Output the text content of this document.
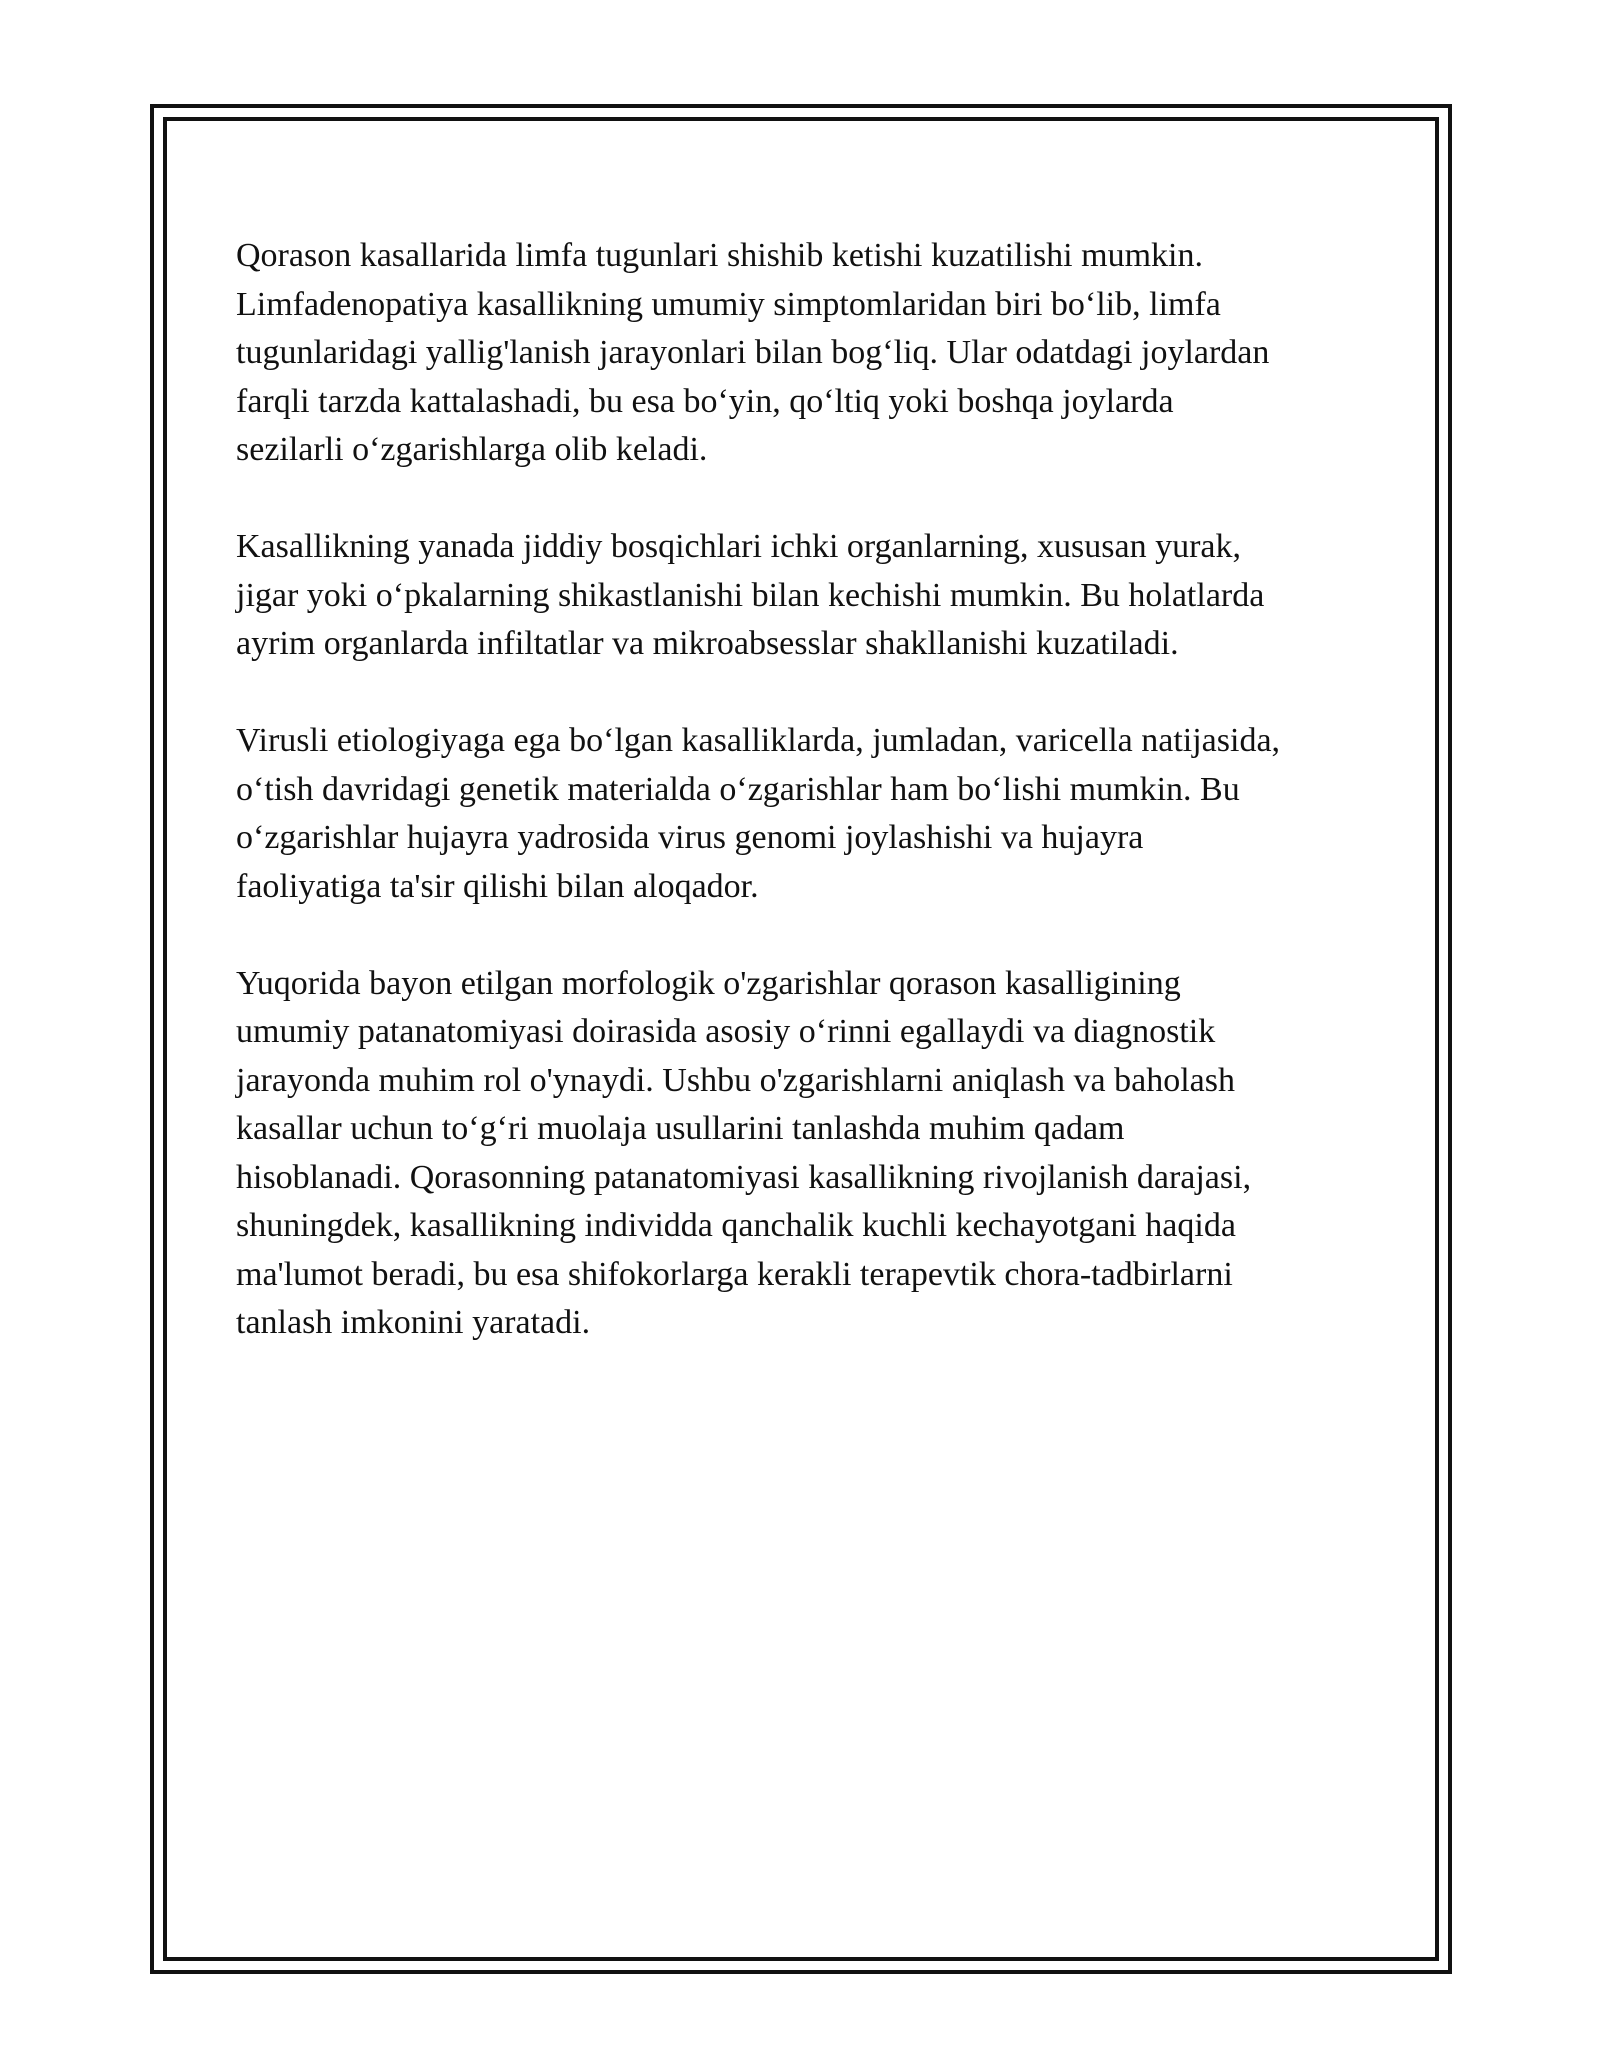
Qorason kasallarida limfa tugunlari shishib ketishi kuzatilishi mumkin.
Limfadenopatiya kasallikning umumiy simptomlaridan biri bo‘lib, limfa
tugunlaridagi yallig'lanish jarayonlari bilan bog‘liq. Ular odatdagi joylardan
farqli tarzda kattalashadi, bu esa bo‘yin, qo‘ltiq yoki boshqa joylarda
sezilarli o‘zgarishlarga olib keladi.

Kasallikning yanada jiddiy bosqichlari ichki organlarning, xususan yurak,
jigar yoki o‘pkalarning shikastlanishi bilan kechishi mumkin. Bu holatlarda
ayrim organlarda infiltatlar va mikroabsesslar shakllanishi kuzatiladi.

Virusli etiologiyaga ega bo‘lgan kasalliklarda, jumladan, varicella natijasida,
o‘tish davridagi genetik materialda o‘zgarishlar ham bo‘lishi mumkin. Bu
o‘zgarishlar hujayra yadrosida virus genomi joylashishi va hujayra
faoliyatiga ta'sir qilishi bilan aloqador.

Yuqorida bayon etilgan morfologik o'zgarishlar qorason kasalligining
umumiy patanatomiyasi doirasida asosiy o‘rinni egallaydi va diagnostik
jarayonda muhim rol o'ynaydi. Ushbu o'zgarishlarni aniqlash va baholash
kasallar uchun to‘g‘ri muolaja usullarini tanlashda muhim qadam
hisoblanadi. Qorasonning patanatomiyasi kasallikning rivojlanish darajasi,
shuningdek, kasallikning individda qanchalik kuchli kechayotgani haqida
ma'lumot beradi, bu esa shifokorlarga kerakli terapevtik chora-tadbirlarni
tanlash imkonini yaratadi.
